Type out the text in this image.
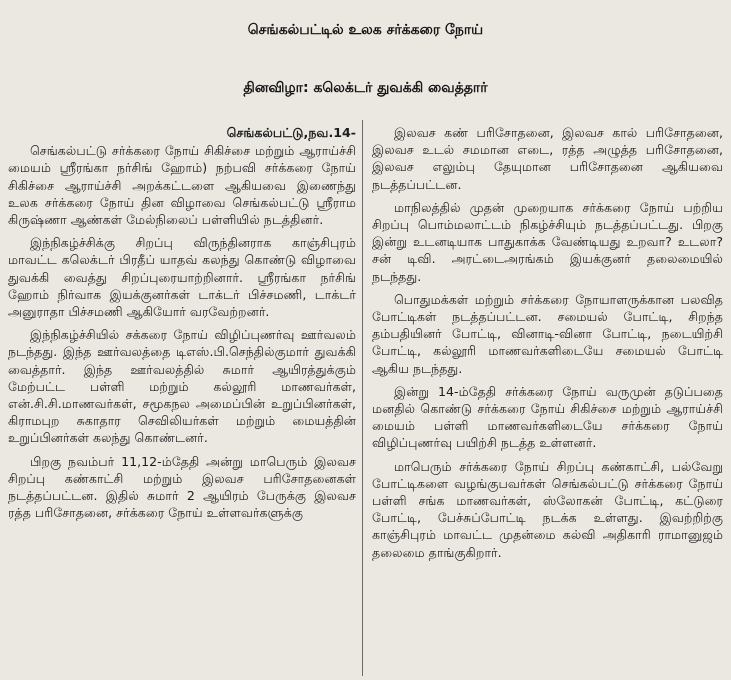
செங்கல்பட்டில் உலக சர்க்கரை நோய்
தினவிழா: கலெக்டர் துவக்கி வைத்தார்
செங்கல்பட்டு,நவ.14-

செங்கல்பட்டு சர்க்கரை நோய் சிகிச்சை மற்றும் ஆராய்ச்சி மையம் ஸ்ரீரங்கா நர்சிங் ஹோம்) நற்பவி சர்க்கரை நோய் சிகிச்சை ஆராய்ச்சி அறக்கட்டளை ஆகியவை இணைந்து உலக சர்க்கரை நோய் தின விழாவை செங்கல்பட்டு ஸ்ரீராம கிருஷ்ணா ஆண்கள் மேல்நிலைப் பள்ளியில் நடத்தினர்.

இந்நிகழ்ச்சிக்கு சிறப்பு விருந்தினராக காஞ்சிபுரம் மாவட்ட கலெக்டர் பிரதீப் யாதவ் கலந்து கொண்டு விழாவை துவக்கி வைத்து சிறப்புரையாற்றினார். ஸ்ரீரங்கா நர்சிங் ஹோம் நிர்வாக இயக்குனர்கள் டாக்டர் பிச்சமணி, டாக்டர் அனுராதா பிச்சமணி ஆகியோர் வரவேற்றனர்.

இந்நிகழ்ச்சியில் சக்கரை நோய் விழிப்புணர்வு ஊர்வலம் நடந்தது. இந்த ஊர்வலத்தை டிஎஸ்.பி.செந்தில்குமார் துவக்கி வைத்தார். இந்த ஊர்வலத்தில் சுமார் ஆயிரத்துக்கும் மேற்பட்ட பள்ளி மற்றும் கல்லூரி மாணவர்கள், என்.சி.சி.மாணவர்கள், சமூகநல அமைப்பின் உறுப்பினர்கள், கிராமபுற சுகாதார செவிலியர்கள் மற்றும் மையத்தின் உறுப்பினர்கள் கலந்து கொண்டனர்.

பிறகு நவம்பர் 11,12-ம்தேதி அன்று மாபெரும் இலவச சிறப்பு கண்காட்சி மற்றும் இலவச பரிசோதனைகள் நடத்தப்பட்டன. இதில் சுமார் 2 ஆயிரம் பேருக்கு இலவச ரத்த பரிசோதனை, சர்க்கரை நோய் உள்ளவர்களுக்கு

இலவச கண் பரிசோதனை, இலவச கால் பரிசோதனை, இலவச உடல் சமமான எடை, ரத்த அழுத்த பரிசோதனை, இலவச எலும்பு தேயுமான பரிசோதனை ஆகியவை நடத்தப்பட்டன.

மாநிலத்தில் முதன் முறையாக சர்க்கரை நோய் பற்றிய சிறப்பு பொம்மலாட்டம் நிகழ்ச்சியும் நடத்தப்பட்டது. பிறகு இன்று உடனடியாக பாதுகாக்க வேண்டியது உறவா? உடலா? சன் டிவி. அரட்டைஅரங்கம் இயக்குனர் தலைமையில் நடந்தது.

பொதுமக்கள் மற்றும் சர்க்கரை நோயாளருக்கான பலவித போட்டிகள் நடத்தப்பட்டன. சமையல் போட்டி, சிறந்த தம்பதியினர் போட்டி, வினாடி-வினா போட்டி, நடையிற்சி போட்டி, கல்லூரி மாணவர்களிடையே சமையல் போட்டி ஆகிய நடந்தது.

இன்று 14-ம்தேதி சர்க்கரை நோய் வருமுன் தடுப்பதை மனதில் கொண்டு சர்க்கரை நோய் சிகிச்சை மற்றும் ஆராய்ச்சி மையம் பள்ளி மாணவர்களிடையே சர்க்கரை நோய் விழிப்புணர்வு பயிற்சி நடத்த உள்ளனர்.

மாபெரும் சர்க்கரை நோய் சிறப்பு கண்காட்சி, பல்வேறு போட்டிகளை வழங்குபவர்கள் செங்கல்பட்டு சர்க்கரை நோய் பள்ளி சங்க மாணவர்கள், ஸ்லோகன் போட்டி, கட்டுரை போட்டி, பேச்சுப்போட்டி நடக்க உள்ளது. இவற்றிற்கு காஞ்சிபுரம் மாவட்ட முதன்மை கல்வி அதிகாரி ராமானுஜம் தலைமை தாங்குகிறார்.
